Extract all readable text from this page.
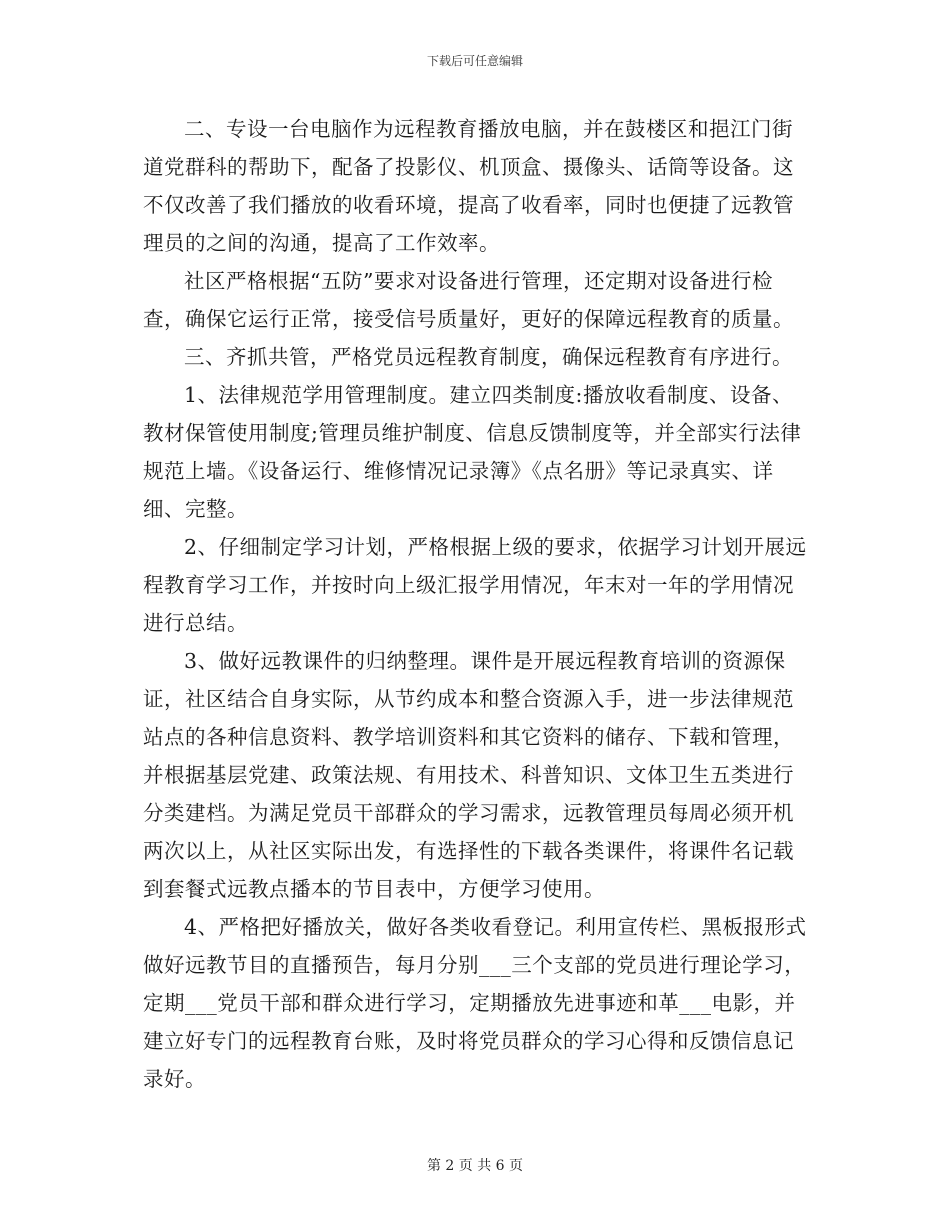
下载后可任意编辑

二、专设一台电脑作为远程教育播放电脑，并在鼓楼区和挹江门街道党群科的帮助下，配备了投影仪、机顶盒、摄像头、话筒等设备。这不仅改善了我们播放的收看环境，提高了收看率，同时也便捷了远教管理员的之间的沟通，提高了工作效率。

社区严格根据“五防”要求对设备进行管理，还定期对设备进行检查，确保它运行正常，接受信号质量好，更好的保障远程教育的质量。

三、齐抓共管，严格党员远程教育制度，确保远程教育有序进行。

1、法律规范学用管理制度。建立四类制度:播放收看制度、设备、教材保管使用制度;管理员维护制度、信息反馈制度等，并全部实行法律规范上墙。《设备运行、维修情况记录簿》《点名册》等记录真实、详细、完整。

2、仔细制定学习计划，严格根据上级的要求，依据学习计划开展远程教育学习工作，并按时向上级汇报学用情况，年末对一年的学用情况进行总结。

3、做好远教课件的归纳整理。课件是开展远程教育培训的资源保证，社区结合自身实际，从节约成本和整合资源入手，进一步法律规范站点的各种信息资料、教学培训资料和其它资料的储存、下载和管理，并根据基层党建、政策法规、有用技术、科普知识、文体卫生五类进行分类建档。为满足党员干部群众的学习需求，远教管理员每周必须开机两次以上，从社区实际出发，有选择性的下载各类课件，将课件名记载到套餐式远教点播本的节目表中，方便学习使用。

4、严格把好播放关，做好各类收看登记。利用宣传栏、黑板报形式做好远教节目的直播预告，每月分别___三个支部的党员进行理论学习，定期___党员干部和群众进行学习，定期播放先进事迹和革___电影，并建立好专门的远程教育台账，及时将党员群众的学习心得和反馈信息记录好。

第 2 页 共 6 页
